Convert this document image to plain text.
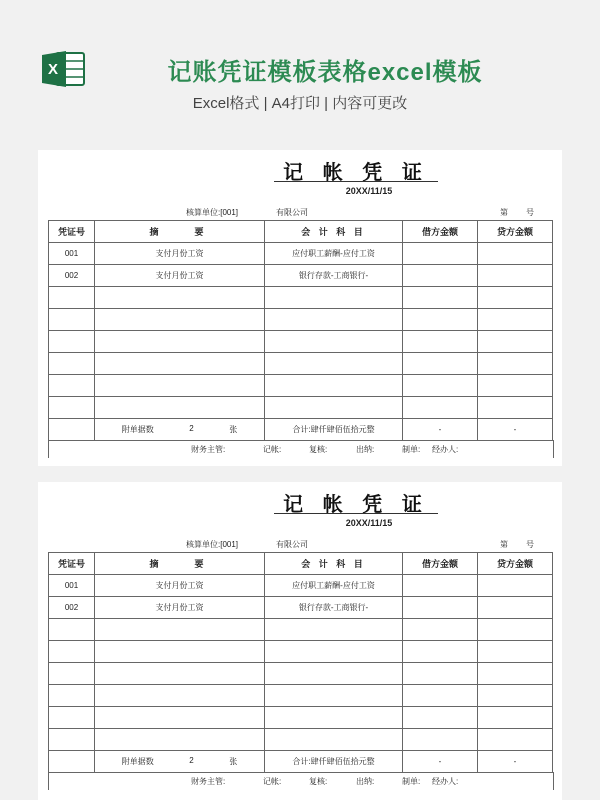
X	记账凭证模板表格excel模板
Excel格式 | A4打印 | 内容可更改
记 帐 凭 证
20XX/11/15
核算单位:[001]	有限公司	第 号
凭证号	摘　　要	会 计 科 目	借方金额	贷方金额
001	支付月份工资	应付职工薪酬-应付工资		
002	支付月份工资	银行存款-工商银行-		

	附单据数 2 张	合计:肆仟肆佰伍拾元整	-	-
财务主管:	记帐:	复核:	出纳:	制单: 经办人:
记 帐 凭 证
20XX/11/15
核算单位:[001]	有限公司	第 号
凭证号	摘　　要	会 计 科 目	借方金额	贷方金额
001	支付月份工资	应付职工薪酬-应付工资		
002	支付月份工资	银行存款-工商银行-		

	附单据数 2 张	合计:肆仟肆佰伍拾元整	-	-
财务主管:	记帐:	复核:	出纳:	制单: 经办人:
